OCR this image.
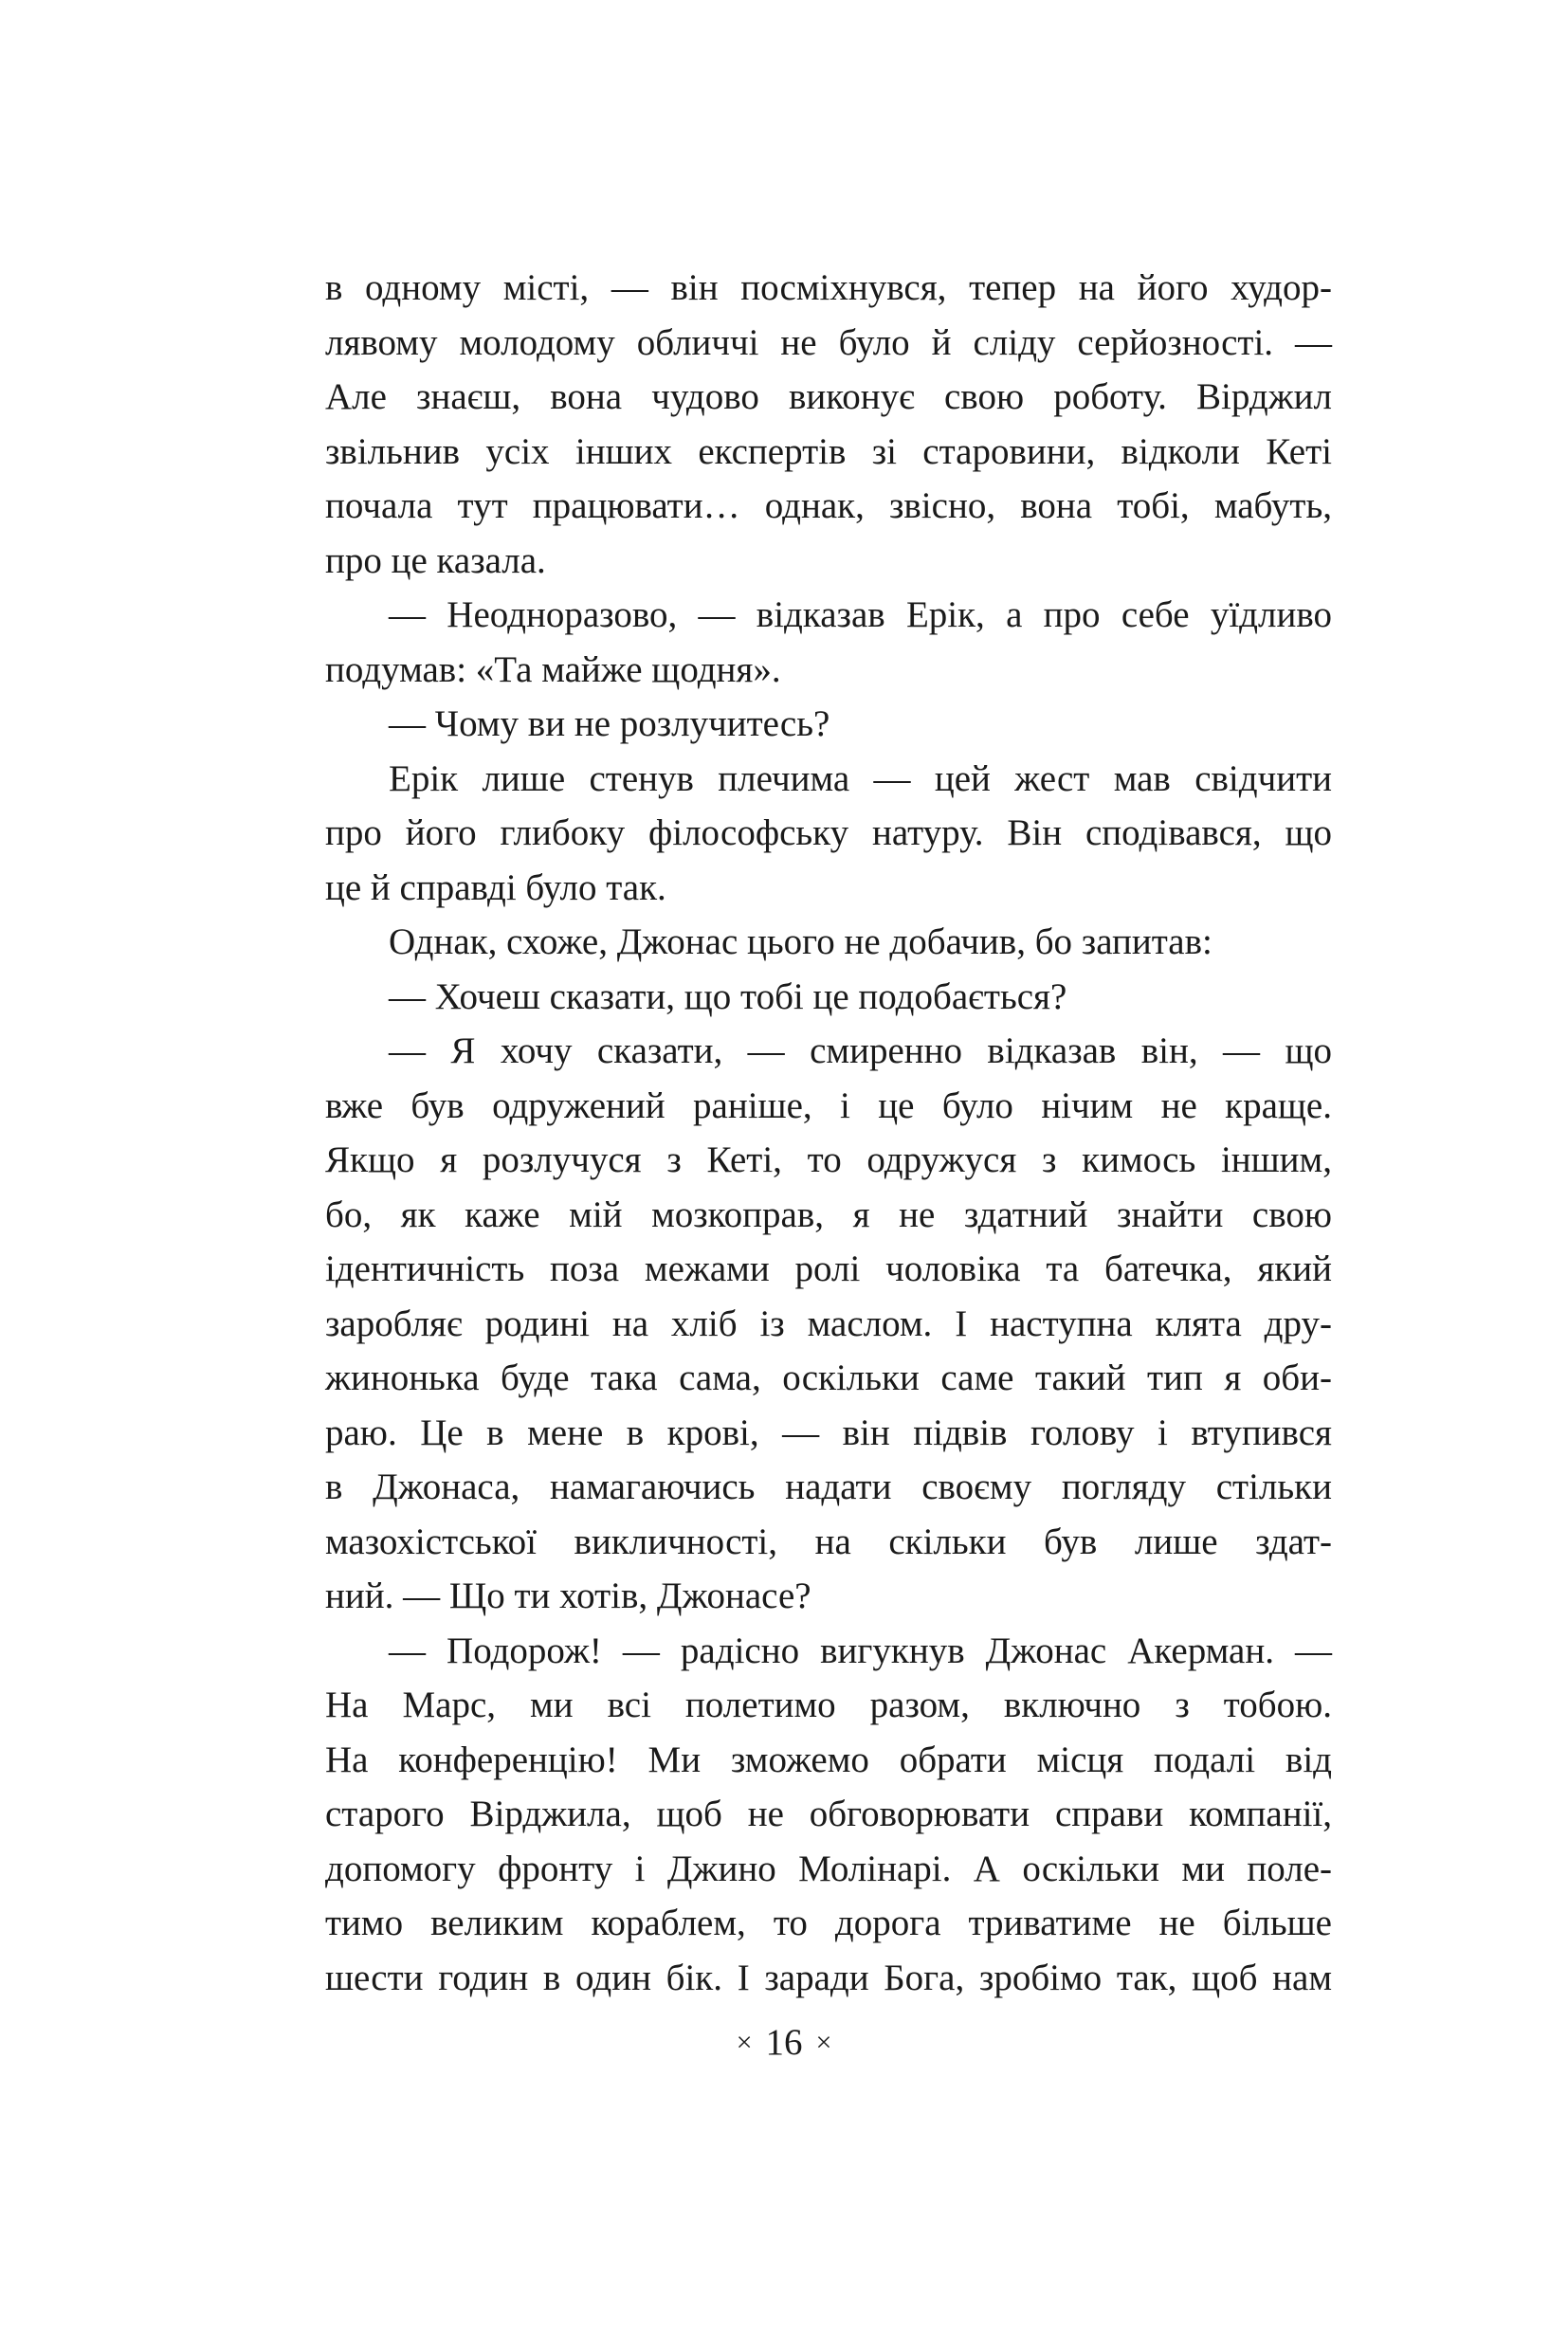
в одному місті, — він посміхнувся, тепер на його худор-
лявому молодому обличчі не було й сліду серйозності. —
Але знаєш, вона чудово виконує свою роботу. Вірджил
звільнив усіх інших експертів зі старовини, відколи Кеті
почала тут працювати… однак, звісно, вона тобі, мабуть,
про це казала.
— Неодноразово, — відказав Ерік, а про себе уїдливо
подумав: «Та майже щодня».
— Чому ви не розлучитесь?
Ерік лише стенув плечима — цей жест мав свідчити
про його глибоку філософську натуру. Він сподівався, що
це й справді було так.
Однак, схоже, Джонас цього не добачив, бо запитав:
— Хочеш сказати, що тобі це подобається?
— Я хочу сказати, — смиренно відказав він, — що
вже був одружений раніше, і це було нічим не краще.
Якщо я розлучуся з Кеті, то одружуся з кимось іншим,
бо, як каже мій мозкоправ, я не здатний знайти свою
ідентичність поза межами ролі чоловіка та батечка, який
заробляє родині на хліб із маслом. І наступна клята дру-
жинонька буде така сама, оскільки саме такий тип я оби-
раю. Це в мене в крові, — він підвів голову і втупився
в Джонаса, намагаючись надати своєму погляду стільки
мазохістської викличності, на скільки був лише здат-
ний. — Що ти хотів, Джонасе?
— Подорож! — радісно вигукнув Джонас Акерман. —
На Марс, ми всі полетимо разом, включно з тобою.
На конференцію! Ми зможемо обрати місця подалі від
старого Вірджила, щоб не обговорювати справи компанії,
допомогу фронту і Джино Молінарі. А оскільки ми поле-
тимо великим кораблем, то дорога триватиме не більше
шести годин в один бік. І заради Бога, зробімо так, щоб нам
× 16 ×
